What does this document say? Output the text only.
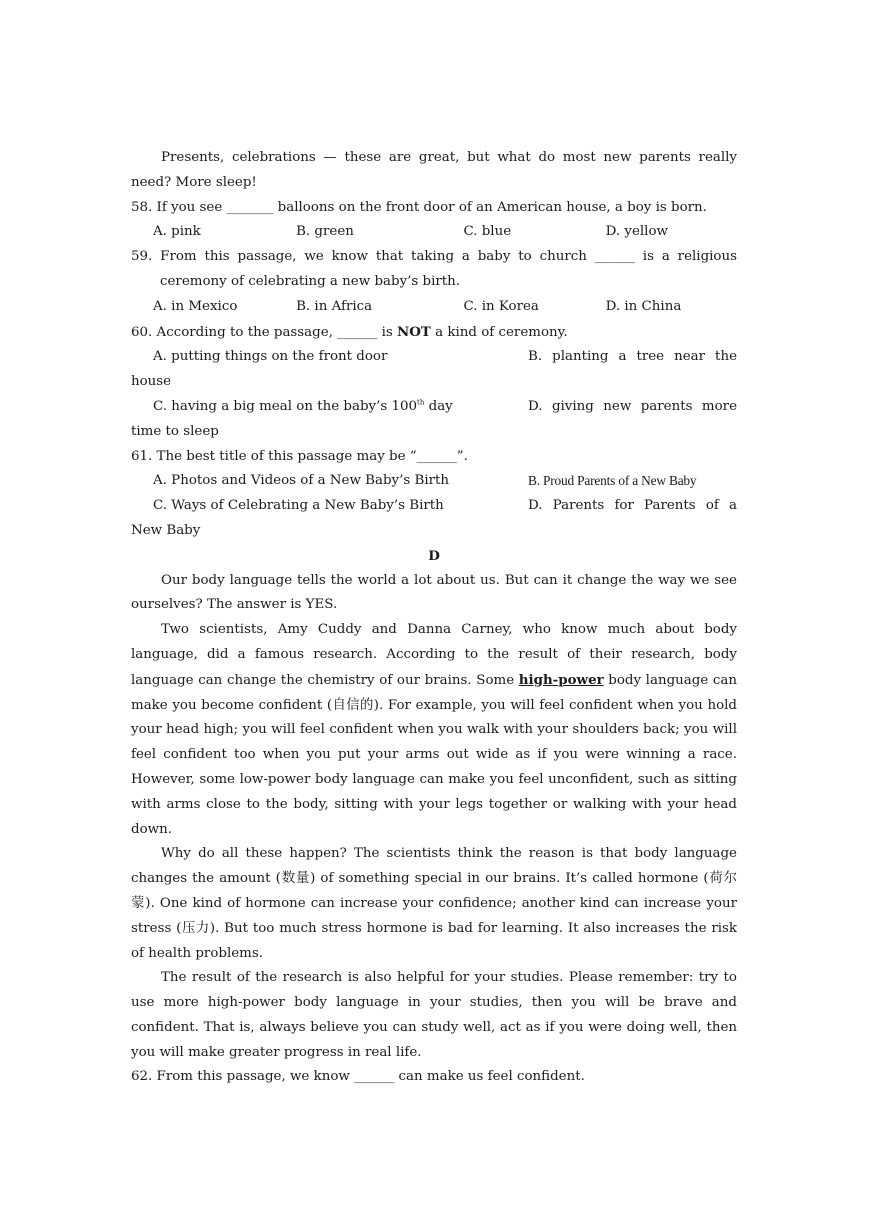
Presents, celebrations — these are great, but what do most new parents really

need? More sleep!

58. If you see _______ balloons on the front door of an American house, a boy is born.

A. pink	B. green	C. blue	D. yellow

59. From this passage, we know that taking a baby to church ______ is a religious

ceremony of celebrating a new baby’s birth.

A. in Mexico	B. in Africa	C. in Korea	D. in China

60. According to the passage, ______ is NOT a kind of ceremony.

A. putting things on the front door	B. planting a tree near the

house

C. having a big meal on the baby’s 100th day	D. giving new parents more

time to sleep

61. The best title of this passage may be “______”.

A. Photos and Videos of a New Baby’s Birth	B. Proud Parents of a New Baby
C. Ways of Celebrating a New Baby’s Birth	D. Parents for Parents of a

New Baby

D

Our body language tells the world a lot about us. But can it change the way we see ourselves? The answer is YES.

Two scientists, Amy Cuddy and Danna Carney, who know much about body language, did a famous research. According to the result of their research, body language can change the chemistry of our brains. Some high-power body language can make you become confident (自信的). For example, you will feel confident when you hold your head high; you will feel confident when you walk with your shoulders back; you will feel confident too when you put your arms out wide as if you were winning a race. However, some low-power body language can make you feel unconfident, such as sitting with arms close to the body, sitting with your legs together or walking with your head down.

Why do all these happen? The scientists think the reason is that body language changes the amount (数量) of something special in our brains. It’s called hormone (荷尔蒙). One kind of hormone can increase your confidence; another kind can increase your stress (压力). But too much stress hormone is bad for learning. It also increases the risk of health problems.

The result of the research is also helpful for your studies. Please remember: try to use more high-power body language in your studies, then you will be brave and confident. That is, always believe you can study well, act as if you were doing well, then you will make greater progress in real life.

62. From this passage, we know ______ can make us feel confident.
